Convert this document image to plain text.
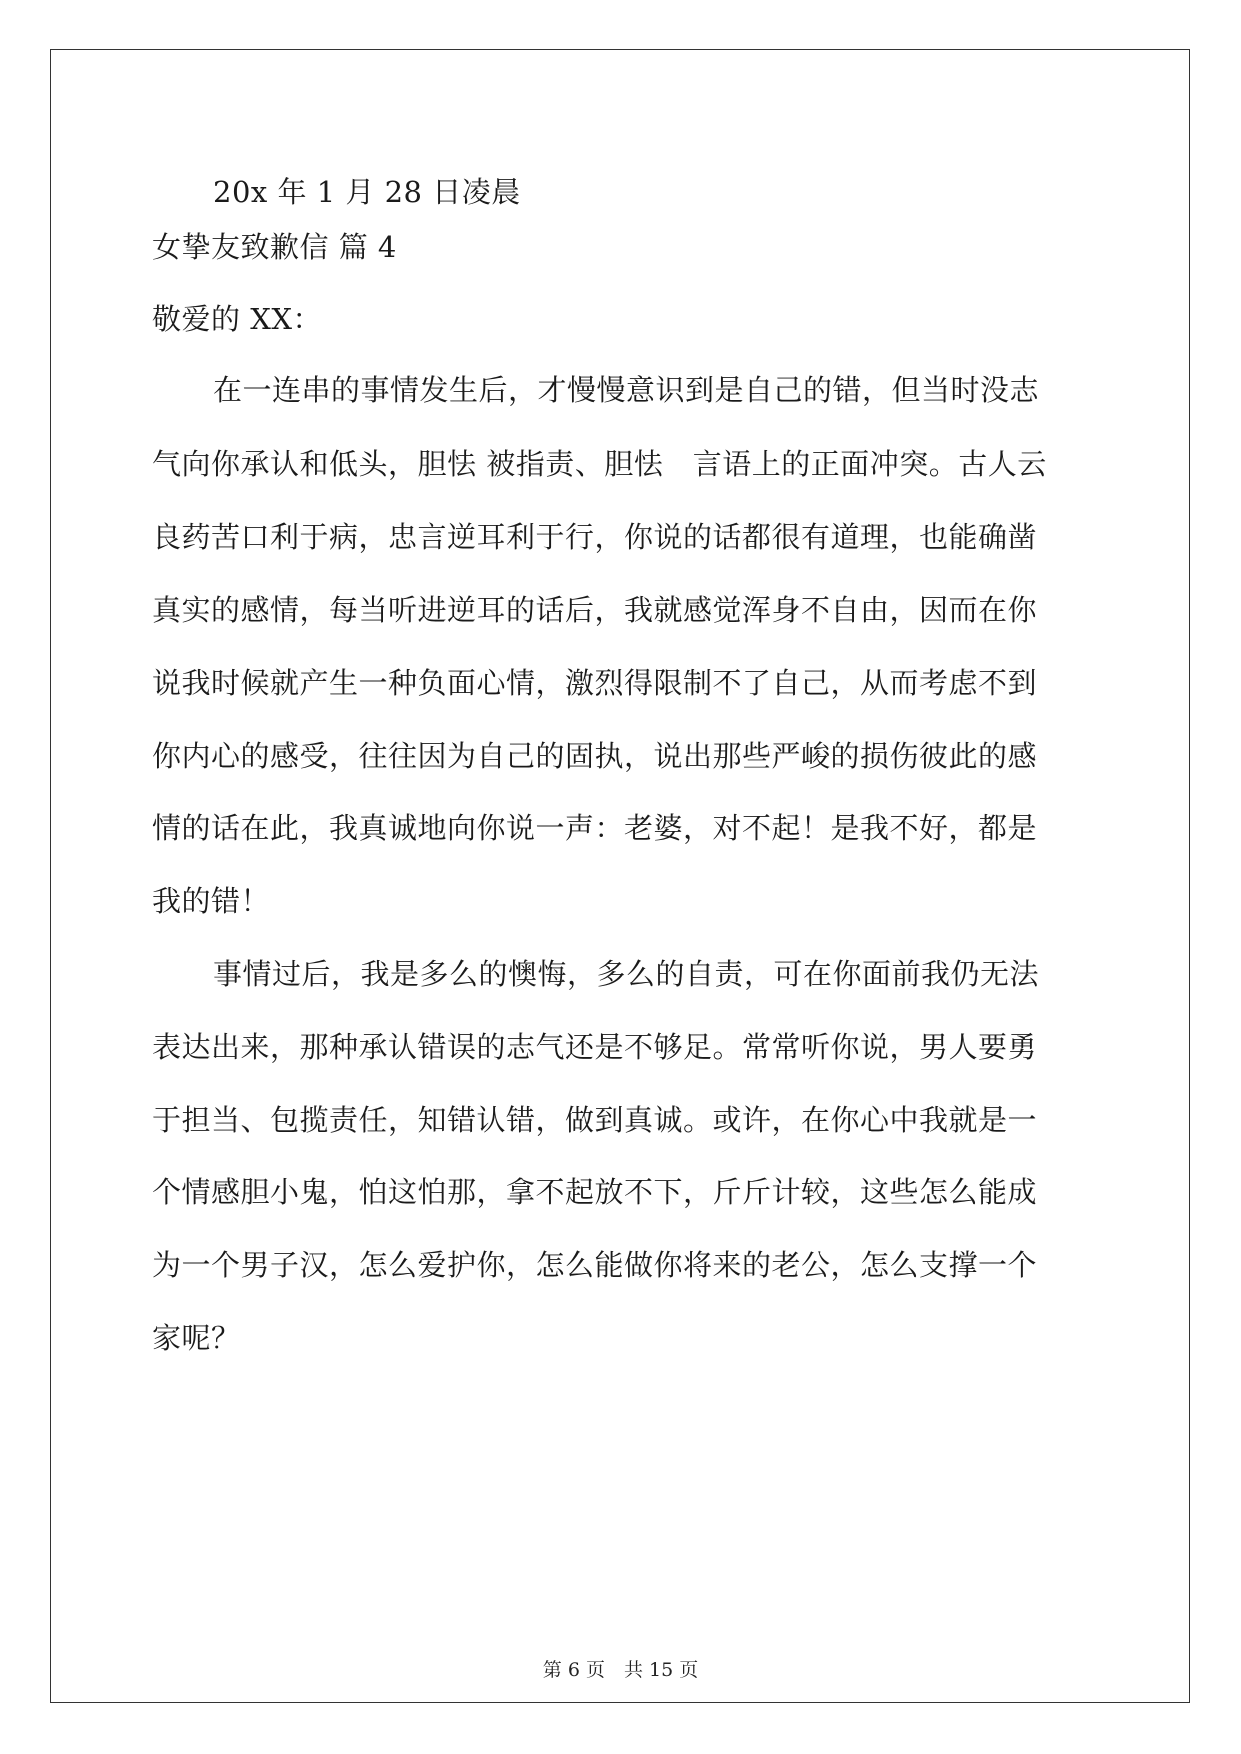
20x 年 1 月 28 日凌晨
女挚友致歉信 篇 4
敬爱的 XX：
在一连串的事情发生后，才慢慢意识到是自己的错，但当时没志
气向你承认和低头，胆怯 被指责、胆怯　言语上的正面冲突。古人云
良药苦口利于病，忠言逆耳利于行，你说的话都很有道理，也能确凿
真实的感情，每当听进逆耳的话后，我就感觉浑身不自由，因而在你
说我时候就产生一种负面心情，激烈得限制不了自己，从而考虑不到
你内心的感受，往往因为自己的固执，说出那些严峻的损伤彼此的感
情的话在此，我真诚地向你说一声：老婆，对不起！是我不好，都是
我的错！
事情过后，我是多么的懊悔，多么的自责，可在你面前我仍无法
表达出来，那种承认错误的志气还是不够足。常常听你说，男人要勇
于担当、包揽责任，知错认错，做到真诚。或许，在你心中我就是一
个情感胆小鬼，怕这怕那，拿不起放不下，斤斤计较，这些怎么能成
为一个男子汉，怎么爱护你，怎么能做你将来的老公，怎么支撑一个
家呢？
第 6 页　共 15 页
